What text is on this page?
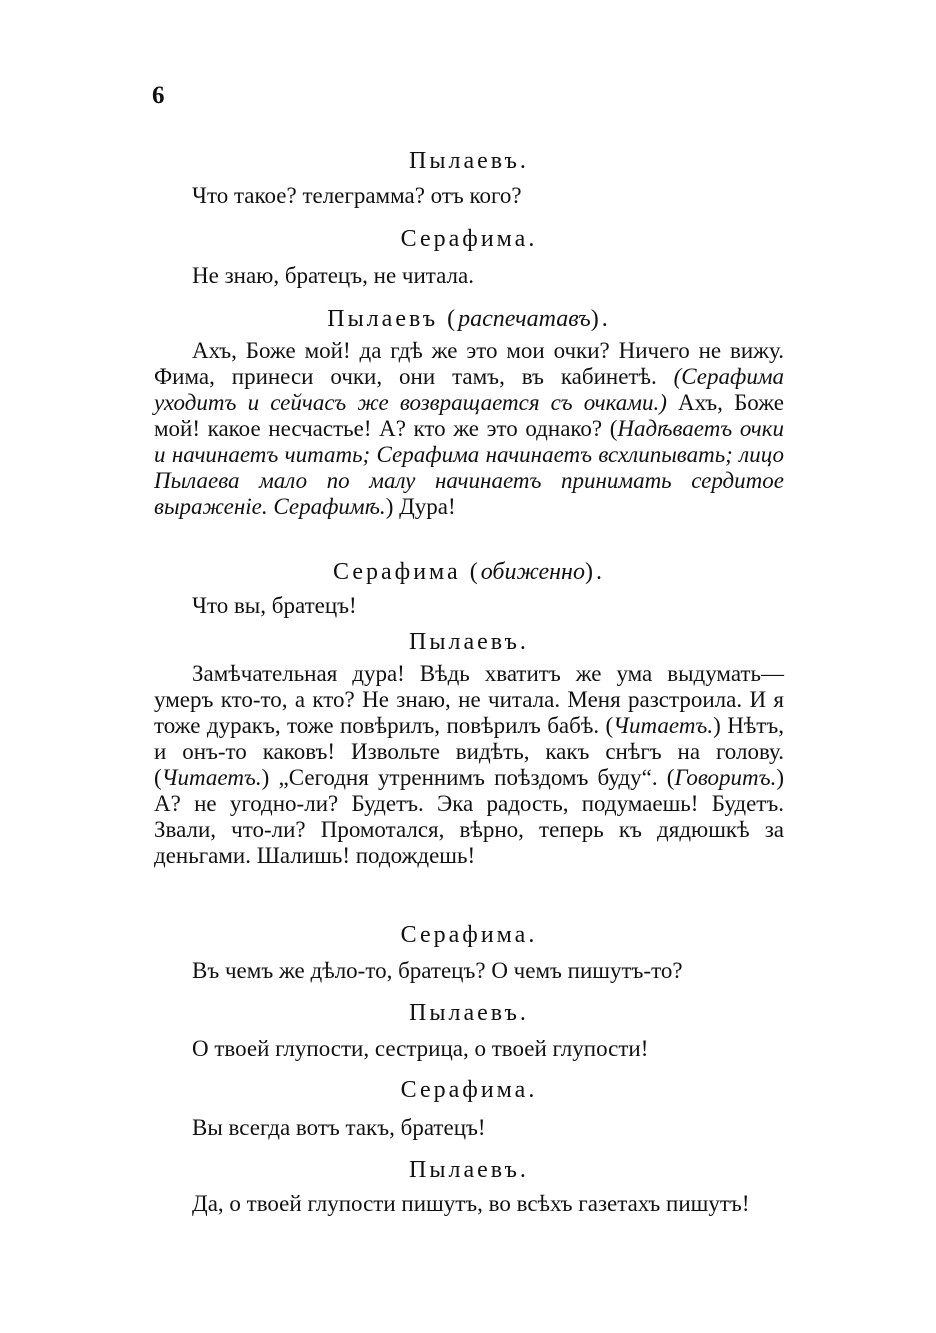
6
Пылаевъ.
Что такое? телеграмма? отъ кого?
Серафима.
Не знаю, братецъ, не читала.
Пылаевъ (распечатавъ).
Ахъ, Боже мой! да гдѣ же это мои очки? Ничего не вижу. Фима, принеси очки, они тамъ, въ кабинетѣ. (Серафима уходитъ и сейчасъ же возвращается съ очками.) Ахъ, Боже мой! какое несчастье! А? кто же это однако? (Надѣваетъ очки и начинаетъ читать; Серафима начинаетъ всхлипывать; лицо Пылаева мало по малу начинаетъ принимать сердитое выраженіе. Серафимѣ.) Дура!
Серафима (обиженно).
Что вы, братецъ!
Пылаевъ.
Замѣчательная дура! Вѣдь хватитъ же ума выдумать—умеръ кто-то, а кто? Не знаю, не читала. Меня разстроила. И я тоже дуракъ, тоже повѣрилъ, повѣрилъ бабѣ. (Читаетъ.) Нѣтъ, и онъ-то каковъ! Извольте видѣть, какъ снѣгъ на голову. (Читаетъ.) „Сегодня утреннимъ поѣздомъ буду“. (Говоритъ.) А? не угодно-ли? Будетъ. Эка радость, подумаешь! Будетъ. Звали, что-ли? Промотался, вѣрно, теперь къ дядюшкѣ за деньгами. Шалишь! подождешь!
Серафима.
Въ чемъ же дѣло-то, братецъ? О чемъ пишутъ-то?
Пылаевъ.
О твоей глупости, сестрица, о твоей глупости!
Серафима.
Вы всегда вотъ такъ, братецъ!
Пылаевъ.
Да, о твоей глупости пишутъ, во всѣхъ газетахъ пишутъ!
